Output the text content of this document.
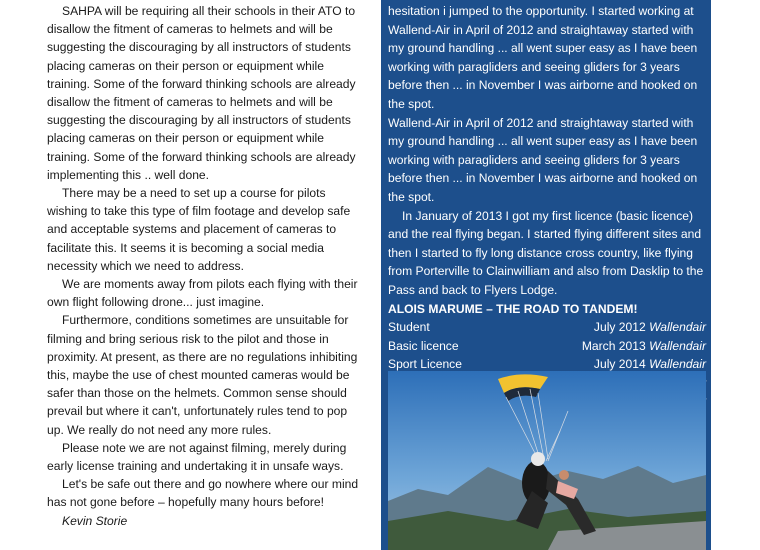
SAHPA will be requiring all their schools in their ATO to disallow the fitment of cameras to helmets and will be suggesting the discouraging by all instructors of students placing cameras on their person or equipment while training. Some of the forward thinking schools are already

disallow the fitment of cameras to helmets and will be suggesting the discouraging by all instructors of students placing cameras on their person or equipment while training. Some of the forward thinking schools are already implementing this .. well done.

There may be a need to set up a course for pilots wishing to take this type of film footage and develop safe and acceptable systems and placement of cameras to facilitate this. It seems it is becoming a social media necessity which we need to address.

We are moments away from pilots each flying with their own flight following drone... just imagine.

Furthermore, conditions sometimes are unsuitable for filming and bring serious risk to the pilot and those in proximity. At present, as there are no regulations inhibiting this, maybe the use of chest mounted cameras would be safer than those on the helmets. Common sense should prevail but where it can't, unfortunately rules tend to pop up. We really do not need any more rules.

Please note we are not against filming, merely during early license training and undertaking it in unsafe ways.

Let's be safe out there and go nowhere where our mind has not gone before – hopefully many hours before!

Kevin Storie

hesitation i jumped to the opportunity. I started working at Wallend-Air in April of 2012 and straightaway started with my ground handling ... all went super easy as I have been working with paragliders and seeing gliders for 3 years before then ... in November I was airborne and hooked on the spot.

Wallend-Air in April of 2012 and straightaway started with my ground handling ... all went super easy as I have been working with paragliders and seeing gliders for 3 years before then ... in November I was airborne and hooked on the spot.

In January of 2013 I got my first licence (basic licence) and the real flying began. I started flying different sites and then I started to fly long distance cross country, like flying from Porterville to Clainwilliam and also from Dasklip to the Pass and back to Flyers Lodge.

ALOIS MARUME – THE ROAD TO TANDEM!

Student	July 2012 Wallendair
Basic licence	March 2013 Wallendair
Sport Licence	July 2014 Wallendair
